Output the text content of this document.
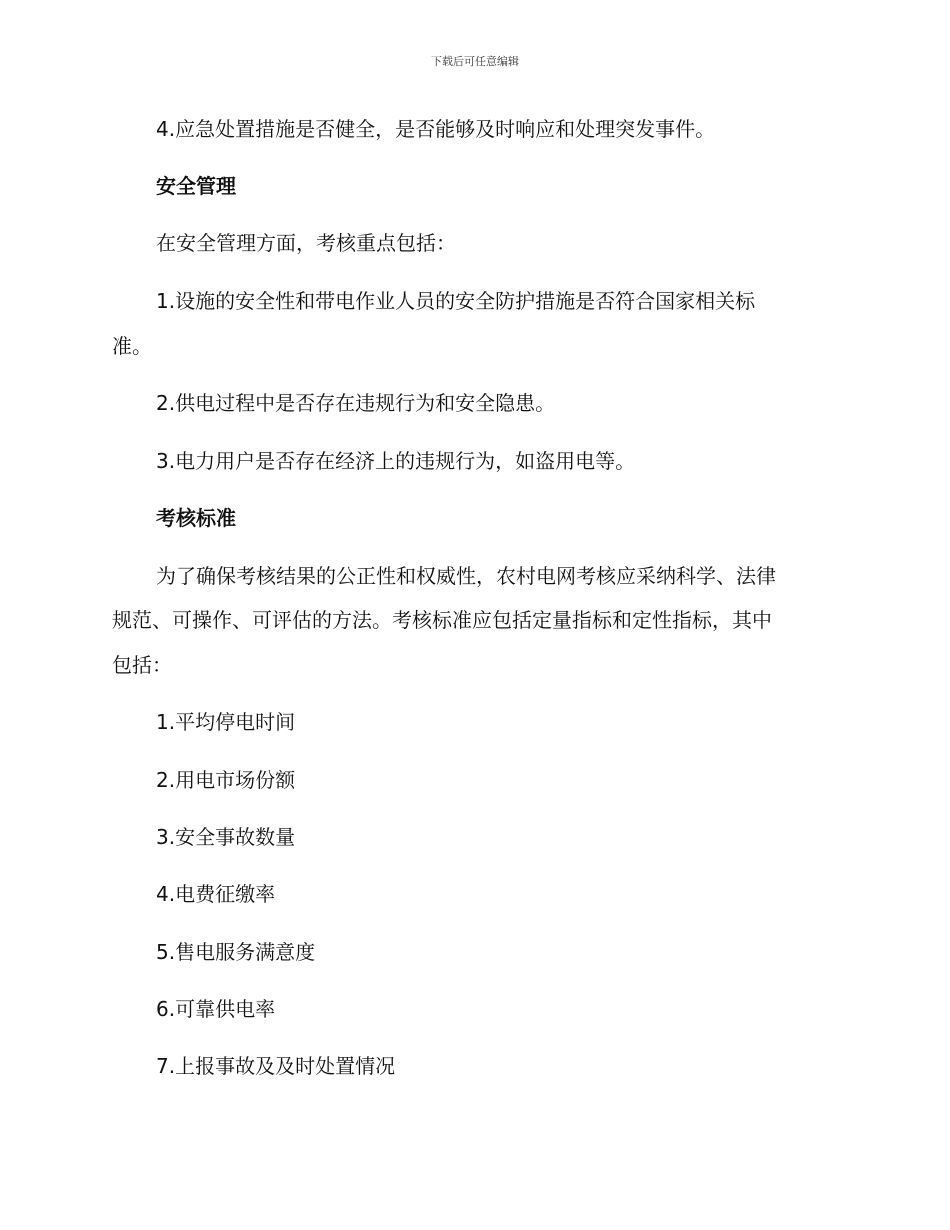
下载后可任意编辑
4.应急处置措施是否健全，是否能够及时响应和处理突发事件。
安全管理
在安全管理方面，考核重点包括：
1.设施的安全性和带电作业人员的安全防护措施是否符合国家相关标
准。
2.供电过程中是否存在违规行为和安全隐患。
3.电力用户是否存在经济上的违规行为，如盗用电等。
考核标准
为了确保考核结果的公正性和权威性，农村电网考核应采纳科学、法律
规范、可操作、可评估的方法。考核标准应包括定量指标和定性指标，其中
包括：
1.平均停电时间
2.用电市场份额
3.安全事故数量
4.电费征缴率
5.售电服务满意度
6.可靠供电率
7.上报事故及及时处置情况
